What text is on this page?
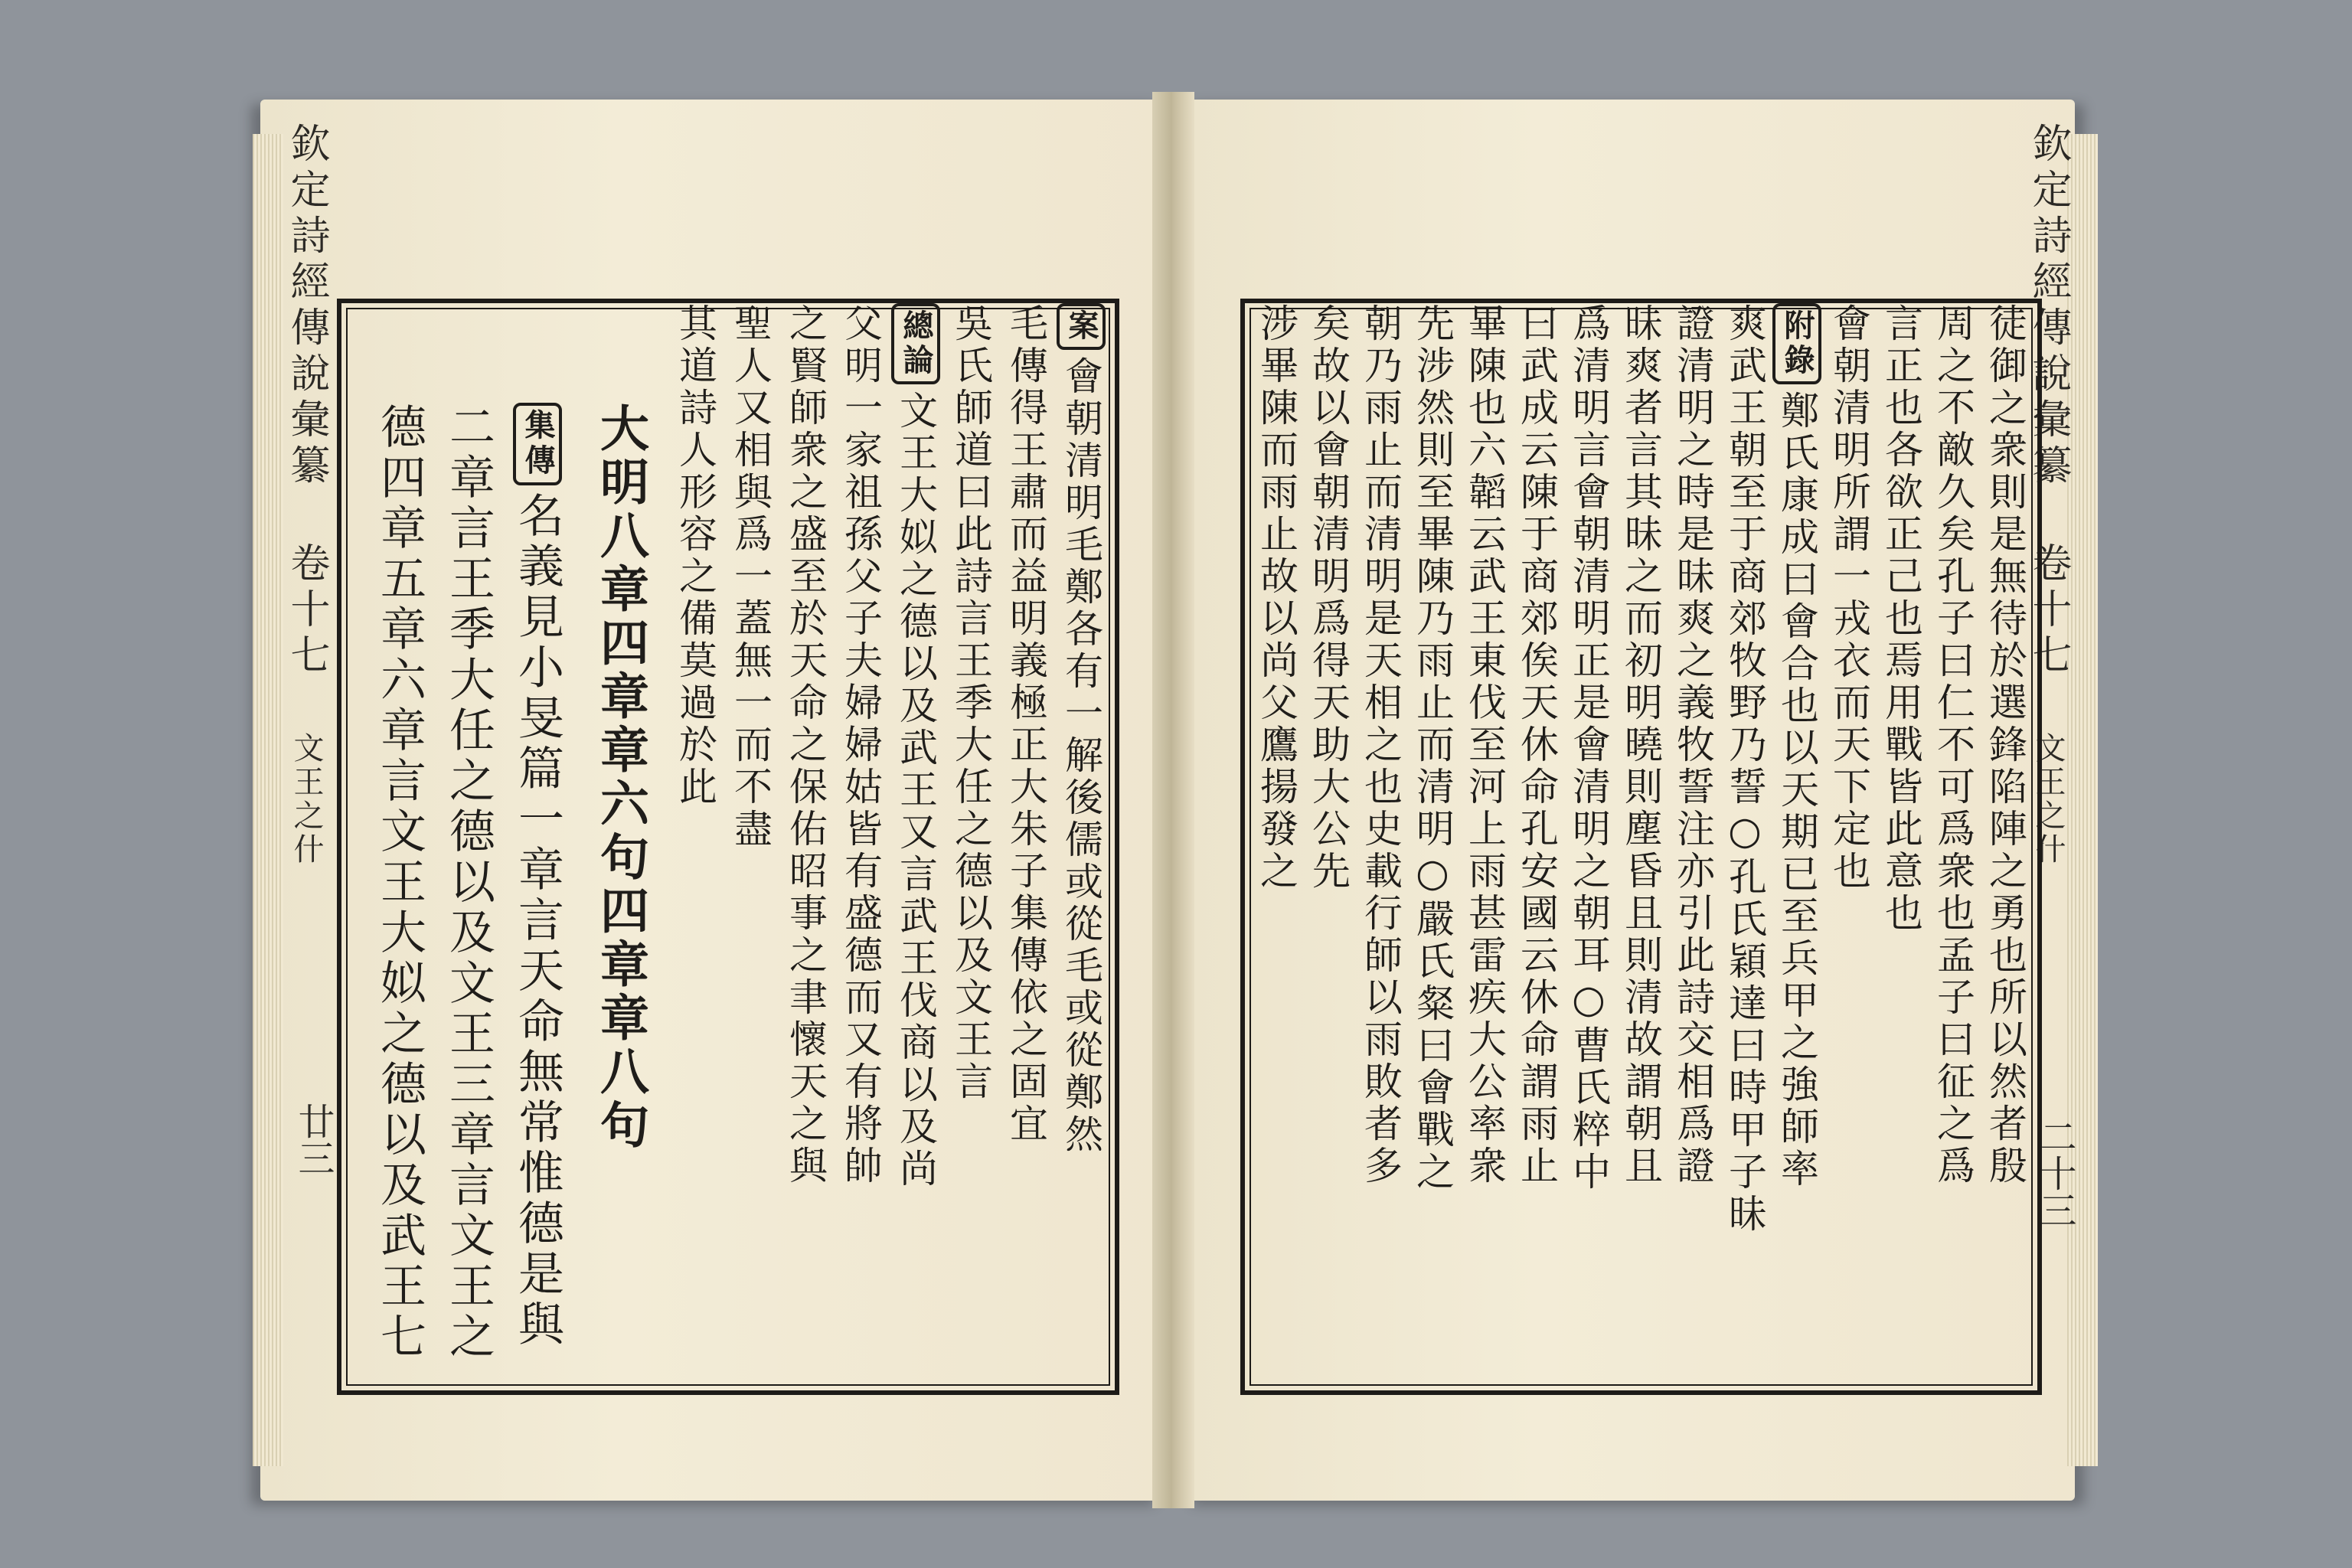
欽定詩經傳說彙纂 卷十七 文王之什
廿三
案會朝清明毛鄭各有一解後儒或從毛或從鄭然
毛傳得王肅而益明義極正大朱子集傳依之固宜
吳氏師道曰此詩言王季大任之德以及文王言
總論文王大姒之德以及武王又言武王伐商以及尚
父明一家祖孫父子夫婦婦姑皆有盛德而又有將帥
之賢師衆之盛至於天命之保佑昭事之聿懷天之與
聖人又相與爲一蓋無一而不盡
其道詩人形容之備莫過於此
大明八章四章章六句四章章八句
集傳名義見小旻篇一章言天命無常惟德是與
二章言王季大任之德以及文王三章言文王之
德四章五章六章言文王大姒之德以及武王七
欽定詩經傳說彙纂 卷十七 文王之什
二十三
徒御之衆則是無待於選鋒陷陣之勇也所以然者殷
周之不敵久矣孔子曰仁不可爲衆也孟子曰征之爲
言正也各欲正己也焉用戰皆此意也
會朝清明所謂一戎衣而天下定也
附錄鄭氏康成曰會合也以天期已至兵甲之強師率
爽武王朝至于商郊牧野乃誓○孔氏穎達曰時甲子昧
證清明之時是昧爽之義牧誓注亦引此詩交相爲證
昧爽者言其昧之而初明曉則塵昏且則清故謂朝且
爲清明言會朝清明正是會清明之朝耳○曹氏粹中
曰武成云陳于商郊俟天休命孔安國云休命謂雨止
畢陳也六韜云武王東伐至河上雨甚雷疾大公率衆
先涉然則至畢陳乃雨止而清明○嚴氏粲曰會戰之
朝乃雨止而清明是天相之也史載行師以雨敗者多
矣故以會朝清明爲得天助大公先
涉畢陳而雨止故以尚父鷹揚發之
